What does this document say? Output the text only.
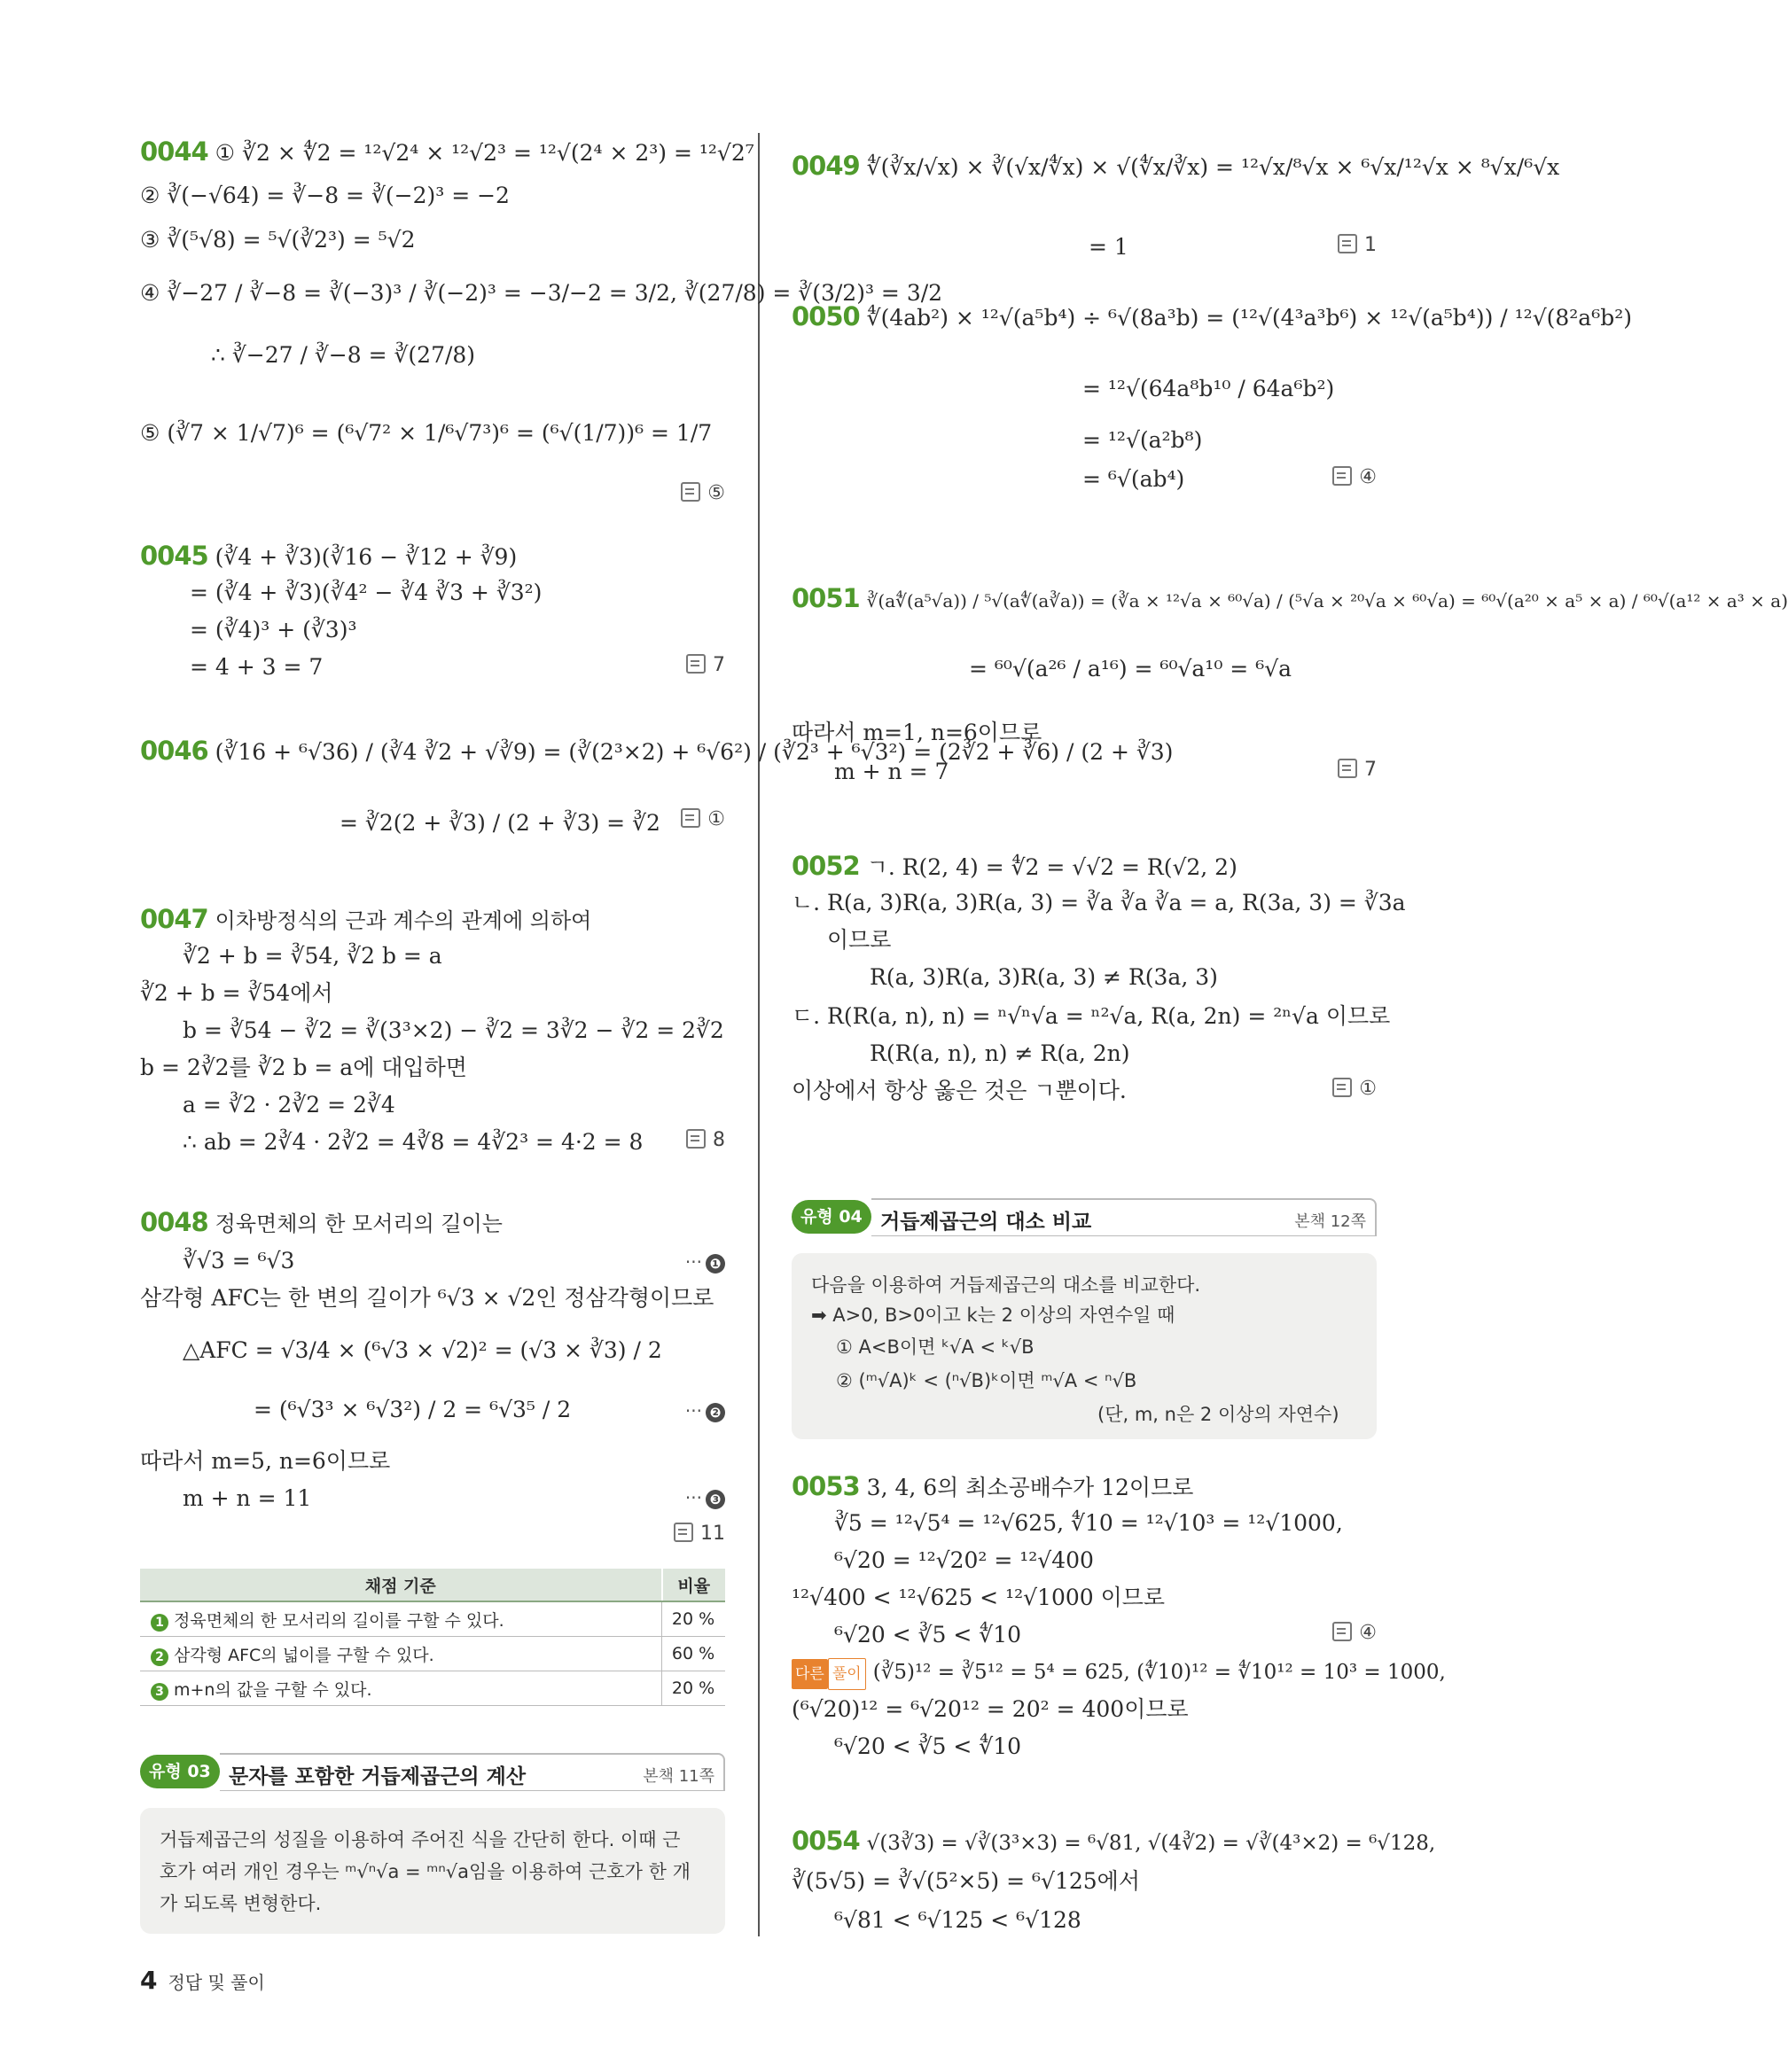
0044 ① ∛2 × ∜2 = ¹²√2⁴ × ¹²√2³ = ¹²√(2⁴ × 2³) = ¹²√2⁷
② ∛(−√64) = ∛−8 = ∛(−2)³ = −2
③ ∛(⁵√8) = ⁵√(∛2³) = ⁵√2
④ ∛−27 / ∛−8 = ∛(−3)³ / ∛(−2)³ = −3/−2 = 3/2, ∛(27/8) = ∛(3/2)³ = 3/2
∴ ∛−27 / ∛−8 = ∛(27/8)
⑤ (∛7 × 1/√7)⁶ = (⁶√7² × 1/⁶√7³)⁶ = (⁶√(1/7))⁶ = 1/7
⑤
0045 (∛4 + ∛3)(∛16 − ∛12 + ∛9)
= (∛4 + ∛3)(∛4² − ∛4 ∛3 + ∛3²)
= (∛4)³ + (∛3)³
= 4 + 3 = 7	7
0046 (∛16 + ⁶√36) / (∛4 ∛2 + √∛9) = (∛(2³×2) + ⁶√6²) / (∛2³ + ⁶√3²) = (2∛2 + ∛6) / (2 + ∛3)
= ∛2(2 + ∛3) / (2 + ∛3) = ∛2	①
0047 이차방정식의 근과 계수의 관계에 의하여
∛2 + b = ∛54, ∛2 b = a
∛2 + b = ∛54에서
b = ∛54 − ∛2 = ∛(3³×2) − ∛2 = 3∛2 − ∛2 = 2∛2
b = 2∛2를 ∛2 b = a에 대입하면
a = ∛2 · 2∛2 = 2∛4
∴ ab = 2∛4 · 2∛2 = 4∛8 = 4∛2³ = 4·2 = 8	8
0048 정육면체의 한 모서리의 길이는
∛√3 = ⁶√3	··· ❶
삼각형 AFC는 한 변의 길이가 ⁶√3 × √2인 정삼각형이므로
△AFC = √3/4 × (⁶√3 × √2)² = (√3 × ∛3) / 2
= (⁶√3³ × ⁶√3²) / 2 = ⁶√3⁵ / 2	··· ❷
따라서 m=5, n=6이므로
m + n = 11	··· ❸
11
채점 기준	비율
1 정육면체의 한 모서리의 길이를 구할 수 있다.	20 %
2 삼각형 AFC의 넓이를 구할 수 있다.	60 %
3 m+n의 값을 구할 수 있다.	20 %
유형 03 문자를 포함한 거듭제곱근의 계산	본책 11쪽
거듭제곱근의 성질을 이용하여 주어진 식을 간단히 한다. 이때 근
호가 여러 개인 경우는 ᵐ√ⁿ√a = ᵐⁿ√a임을 이용하여 근호가 한 개
가 되도록 변형한다.
0049 ∜(∛x/√x) × ∛(√x/∜x) × √(∜x/∛x) = ¹²√x/⁸√x × ⁶√x/¹²√x × ⁸√x/⁶√x
= 1	1
0050 ∜(4ab²) × ¹²√(a⁵b⁴) ÷ ⁶√(8a³b) = (¹²√(4³a³b⁶) × ¹²√(a⁵b⁴)) / ¹²√(8²a⁶b²)
= ¹²√(64a⁸b¹⁰ / 64a⁶b²)
= ¹²√(a²b⁸)
= ⁶√(ab⁴)	④
0051 ∛(a∜(a⁵√a)) / ⁵√(a∜(a∛a)) = (∛a × ¹²√a × ⁶⁰√a) / (⁵√a × ²⁰√a × ⁶⁰√a) = ⁶⁰√(a²⁰ × a⁵ × a) / ⁶⁰√(a¹² × a³ × a)
= ⁶⁰√(a²⁶ / a¹⁶) = ⁶⁰√a¹⁰ = ⁶√a
따라서 m=1, n=6이므로
m + n = 7	7
0052 ㄱ. R(2, 4) = ∜2 = √√2 = R(√2, 2)
ㄴ. R(a, 3)R(a, 3)R(a, 3) = ∛a ∛a ∛a = a, R(3a, 3) = ∛3a
이므로
R(a, 3)R(a, 3)R(a, 3) ≠ R(3a, 3)
ㄷ. R(R(a, n), n) = ⁿ√ⁿ√a = ⁿ²√a, R(a, 2n) = ²ⁿ√a 이므로
R(R(a, n), n) ≠ R(a, 2n)
이상에서 항상 옳은 것은 ㄱ뿐이다.	①
유형 04 거듭제곱근의 대소 비교	본책 12쪽
다음을 이용하여 거듭제곱근의 대소를 비교한다.
➡ A>0, B>0이고 k는 2 이상의 자연수일 때
① A<B이면 ᵏ√A < ᵏ√B
② (ᵐ√A)ᵏ < (ⁿ√B)ᵏ이면 ᵐ√A < ⁿ√B
(단, m, n은 2 이상의 자연수)
0053 3, 4, 6의 최소공배수가 12이므로
∛5 = ¹²√5⁴ = ¹²√625, ∜10 = ¹²√10³ = ¹²√1000,
⁶√20 = ¹²√20² = ¹²√400
¹²√400 < ¹²√625 < ¹²√1000 이므로
⁶√20 < ∛5 < ∜10	④
다른 풀이 (∛5)¹² = ∛5¹² = 5⁴ = 625, (∜10)¹² = ∜10¹² = 10³ = 1000,
(⁶√20)¹² = ⁶√20¹² = 20² = 400이므로
⁶√20 < ∛5 < ∜10
0054 √(3∛3) = √∛(3³×3) = ⁶√81, √(4∛2) = √∛(4³×2) = ⁶√128,
∛(5√5) = ∛√(5²×5) = ⁶√125에서
⁶√81 < ⁶√125 < ⁶√128
4 정답 및 풀이
